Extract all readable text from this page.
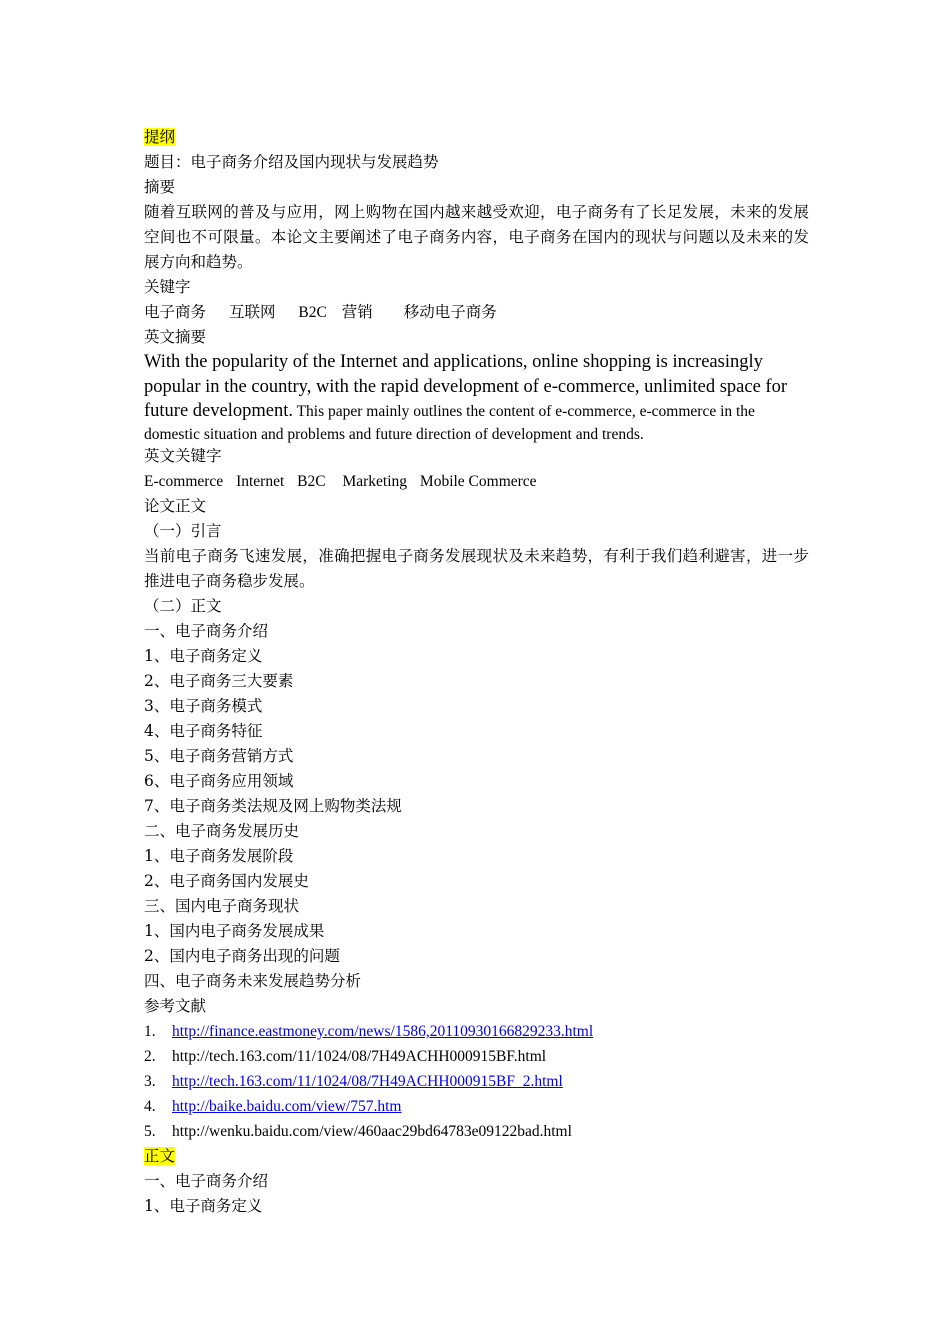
提纲
题目：电子商务介绍及国内现状与发展趋势
摘要
随着互联网的普及与应用，网上购物在国内越来越受欢迎，电子商务有了长足发展，未来的发展空间也不可限量。本论文主要阐述了电子商务内容，电子商务在国内的现状与问题以及未来的发展方向和趋势。
关键字
电子商务 互联网 B2C 营销 移动电子商务
英文摘要
With the popularity of the Internet and applications, online shopping is increasingly popular in the country, with the rapid development of e-commerce, unlimited space for future development. This paper mainly outlines the content of e-commerce, e-commerce in the domestic situation and problems and future direction of development and trends.
英文关键字
E-commerce Internet B2C Marketing Mobile Commerce
论文正文
（一）引言
当前电子商务飞速发展，准确把握电子商务发展现状及未来趋势，有利于我们趋利避害，进一步推进电子商务稳步发展。
（二）正文
一、电子商务介绍
1、电子商务定义
2、电子商务三大要素
3、电子商务模式
4、电子商务特征
5、电子商务营销方式
6、电子商务应用领域
7、电子商务类法规及网上购物类法规
二、电子商务发展历史
1、电子商务发展阶段
2、电子商务国内发展史
三、国内电子商务现状
1、国内电子商务发展成果
2、国内电子商务出现的问题
四、电子商务未来发展趋势分析
参考文献
1. http://finance.eastmoney.com/news/1586,20110930166829233.html
2. http://tech.163.com/11/1024/08/7H49ACHH000915BF.html
3. http://tech.163.com/11/1024/08/7H49ACHH000915BF_2.html
4. http://baike.baidu.com/view/757.htm
5. http://wenku.baidu.com/view/460aac29bd64783e09122bad.html
正文
一、电子商务介绍
1、电子商务定义
